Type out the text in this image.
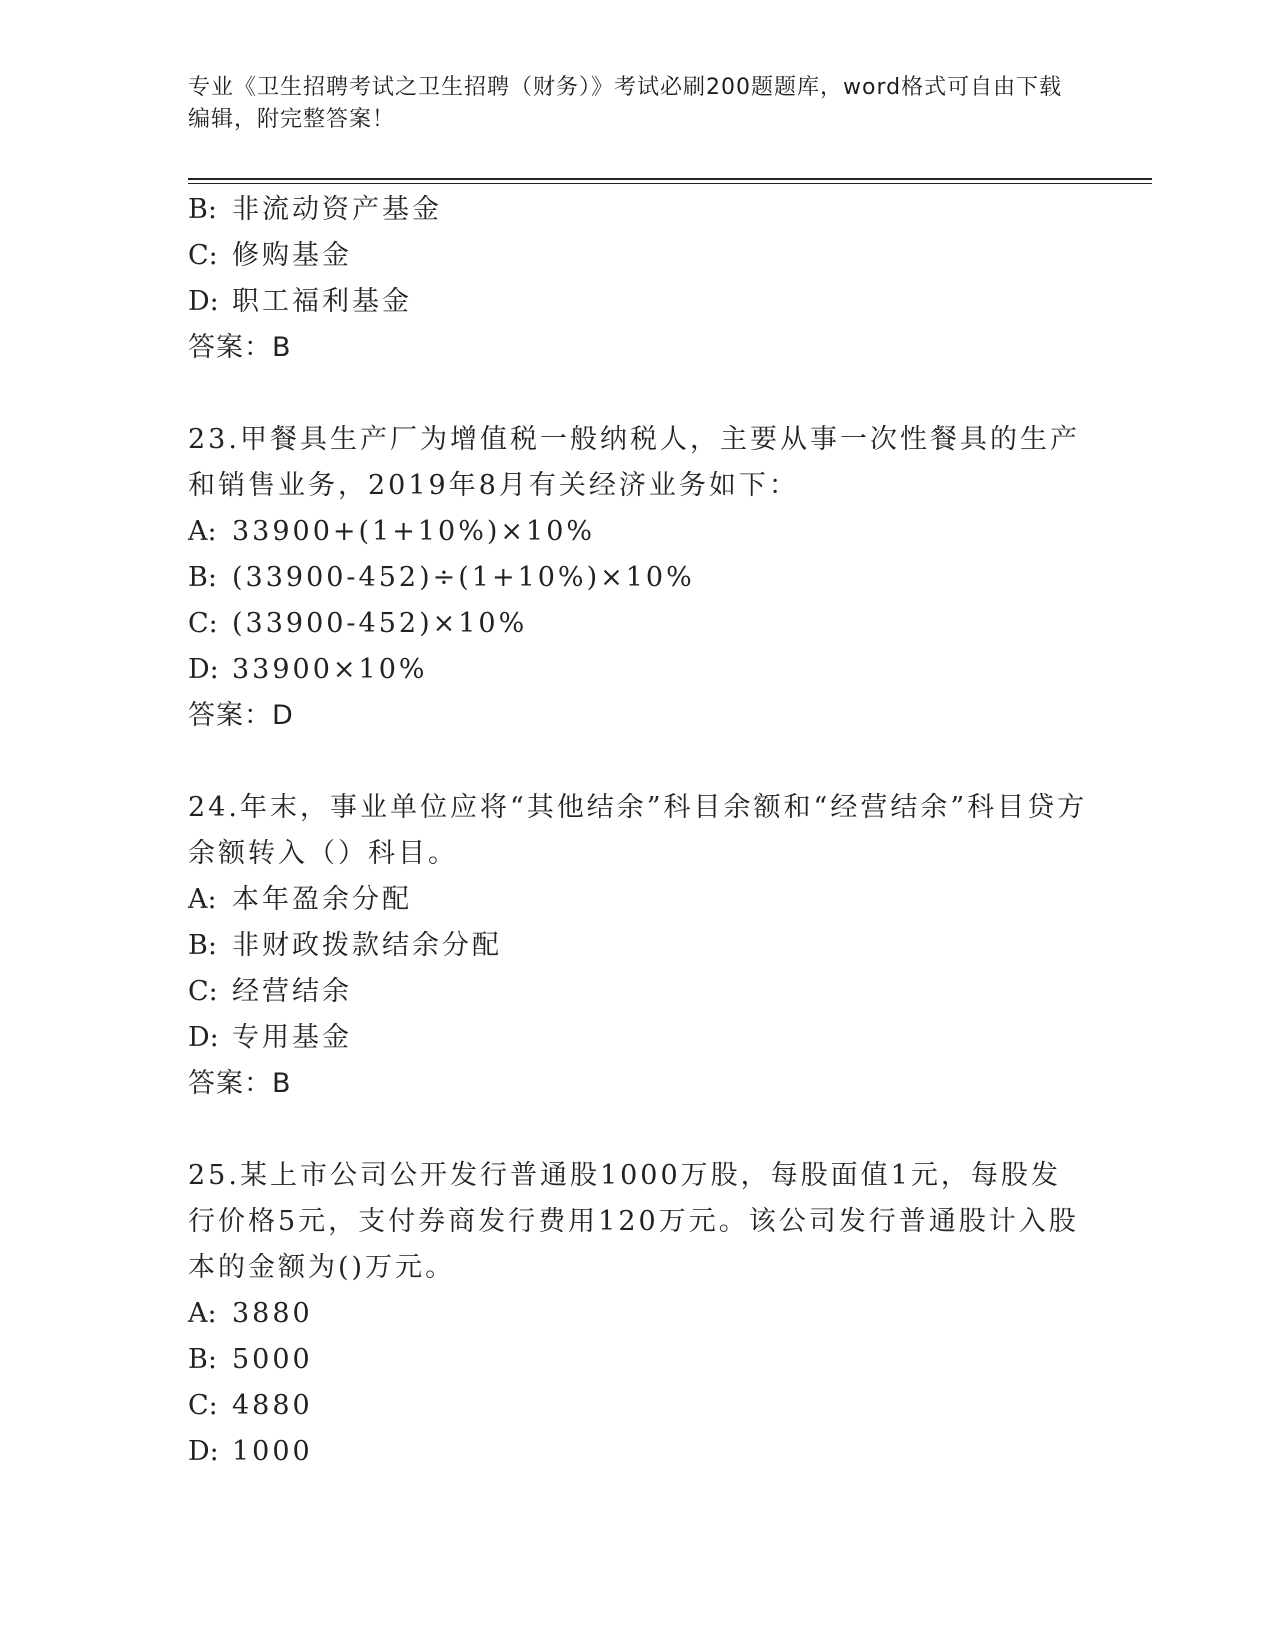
专业《卫生招聘考试之卫生招聘（财务）》考试必刷200题题库，word格式可自由下载编辑，附完整答案！
B: 非流动资产基金
C: 修购基金
D: 职工福利基金
答案：B
23.甲餐具生产厂为增值税一般纳税人，主要从事一次性餐具的生产和销售业务，2019年8月有关经济业务如下：
A: 33900+(1+10%)×10%
B: (33900-452)÷(1+10%)×10%
C: (33900-452)×10%
D: 33900×10%
答案：D
24.年末，事业单位应将“其他结余”科目余额和“经营结余”科目贷方余额转入（）科目。
A: 本年盈余分配
B: 非财政拨款结余分配
C: 经营结余
D: 专用基金
答案：B
25.某上市公司公开发行普通股1000万股，每股面值1元，每股发行价格5元，支付券商发行费用120万元。该公司发行普通股计入股本的金额为()万元。
A: 3880
B: 5000
C: 4880
D: 1000
